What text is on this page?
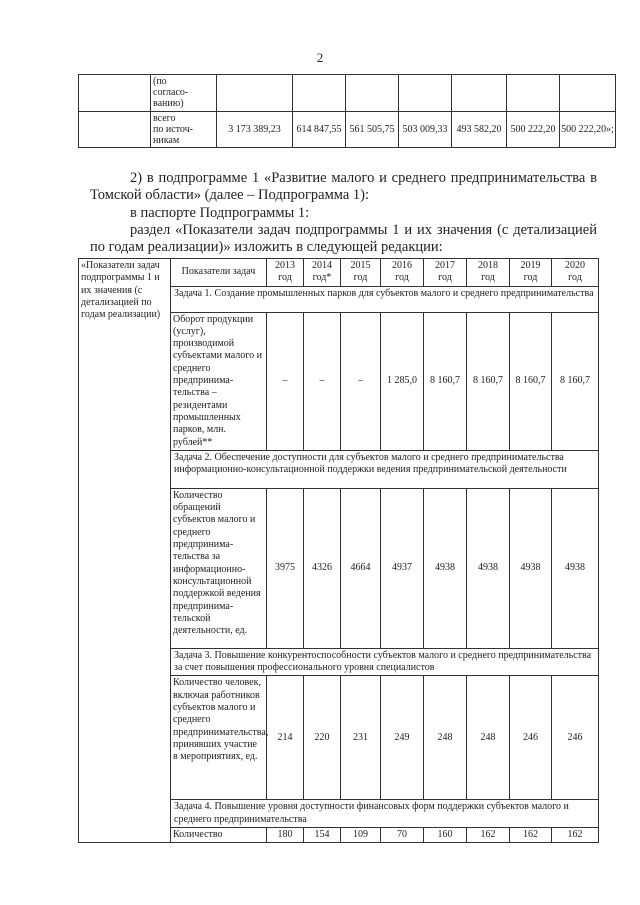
2
	(по
согласо-
ванию)							
	всего
по источ-
никам	3 173 389,23	614 847,55	561 505,75	503 009,33	493 582,20	500 222,20	500 222,20»;
2) в подпрограмме 1 «Развитие малого и среднего предпринимательства в Томской области» (далее – Подпрограмма 1):
в паспорте Подпрограммы 1:
раздел «Показатели задач подпрограммы 1 и их значения (с детализацией по годам реализации)» изложить в следующей редакции:
«Показатели задач подпрограммы 1 и их значения (с детализацией по годам реализации)	Показатели задач	2013
год	2014
год*	2015
год	2016
год	2017
год	2018
год	2019
год	2020
год
	Задача 1. Создание промышленных парков для субъектов малого и среднего предпринимательства								
	Оборот продукции (услуг), производимой субъектами малого и среднего предпринима-тельства – резидентами промышленных парков, млн. рублей**	–	–	–	1 285,0	8 160,7	8 160,7	8 160,7	8 160,7
	Задача 2. Обеспечение доступности для субъектов малого и среднего предпринимательства информационно-консультационной поддержки ведения предпринимательской деятельности								
	Количество обращений субъектов малого и среднего предпринима-тельства за информационно-консультационной поддержкой ведения предпринима-тельской деятельности, ед.	3975	4326	4664	4937	4938	4938	4938	4938
	Задача 3. Повышение конкурентоспособности субъектов малого и среднего предпринимательства за счет повышения профессионального уровня специалистов								
	Количество человек, включая работников субъектов малого и среднего предпринимательства, принявших участие в мероприятиях, ед.	214	220	231	249	248	248	246	246
	Задача 4. Повышение уровня доступности финансовых форм поддержки субъектов малого и среднего предпринимательства								
	Количество	180	154	109	70	160	162	162	162
